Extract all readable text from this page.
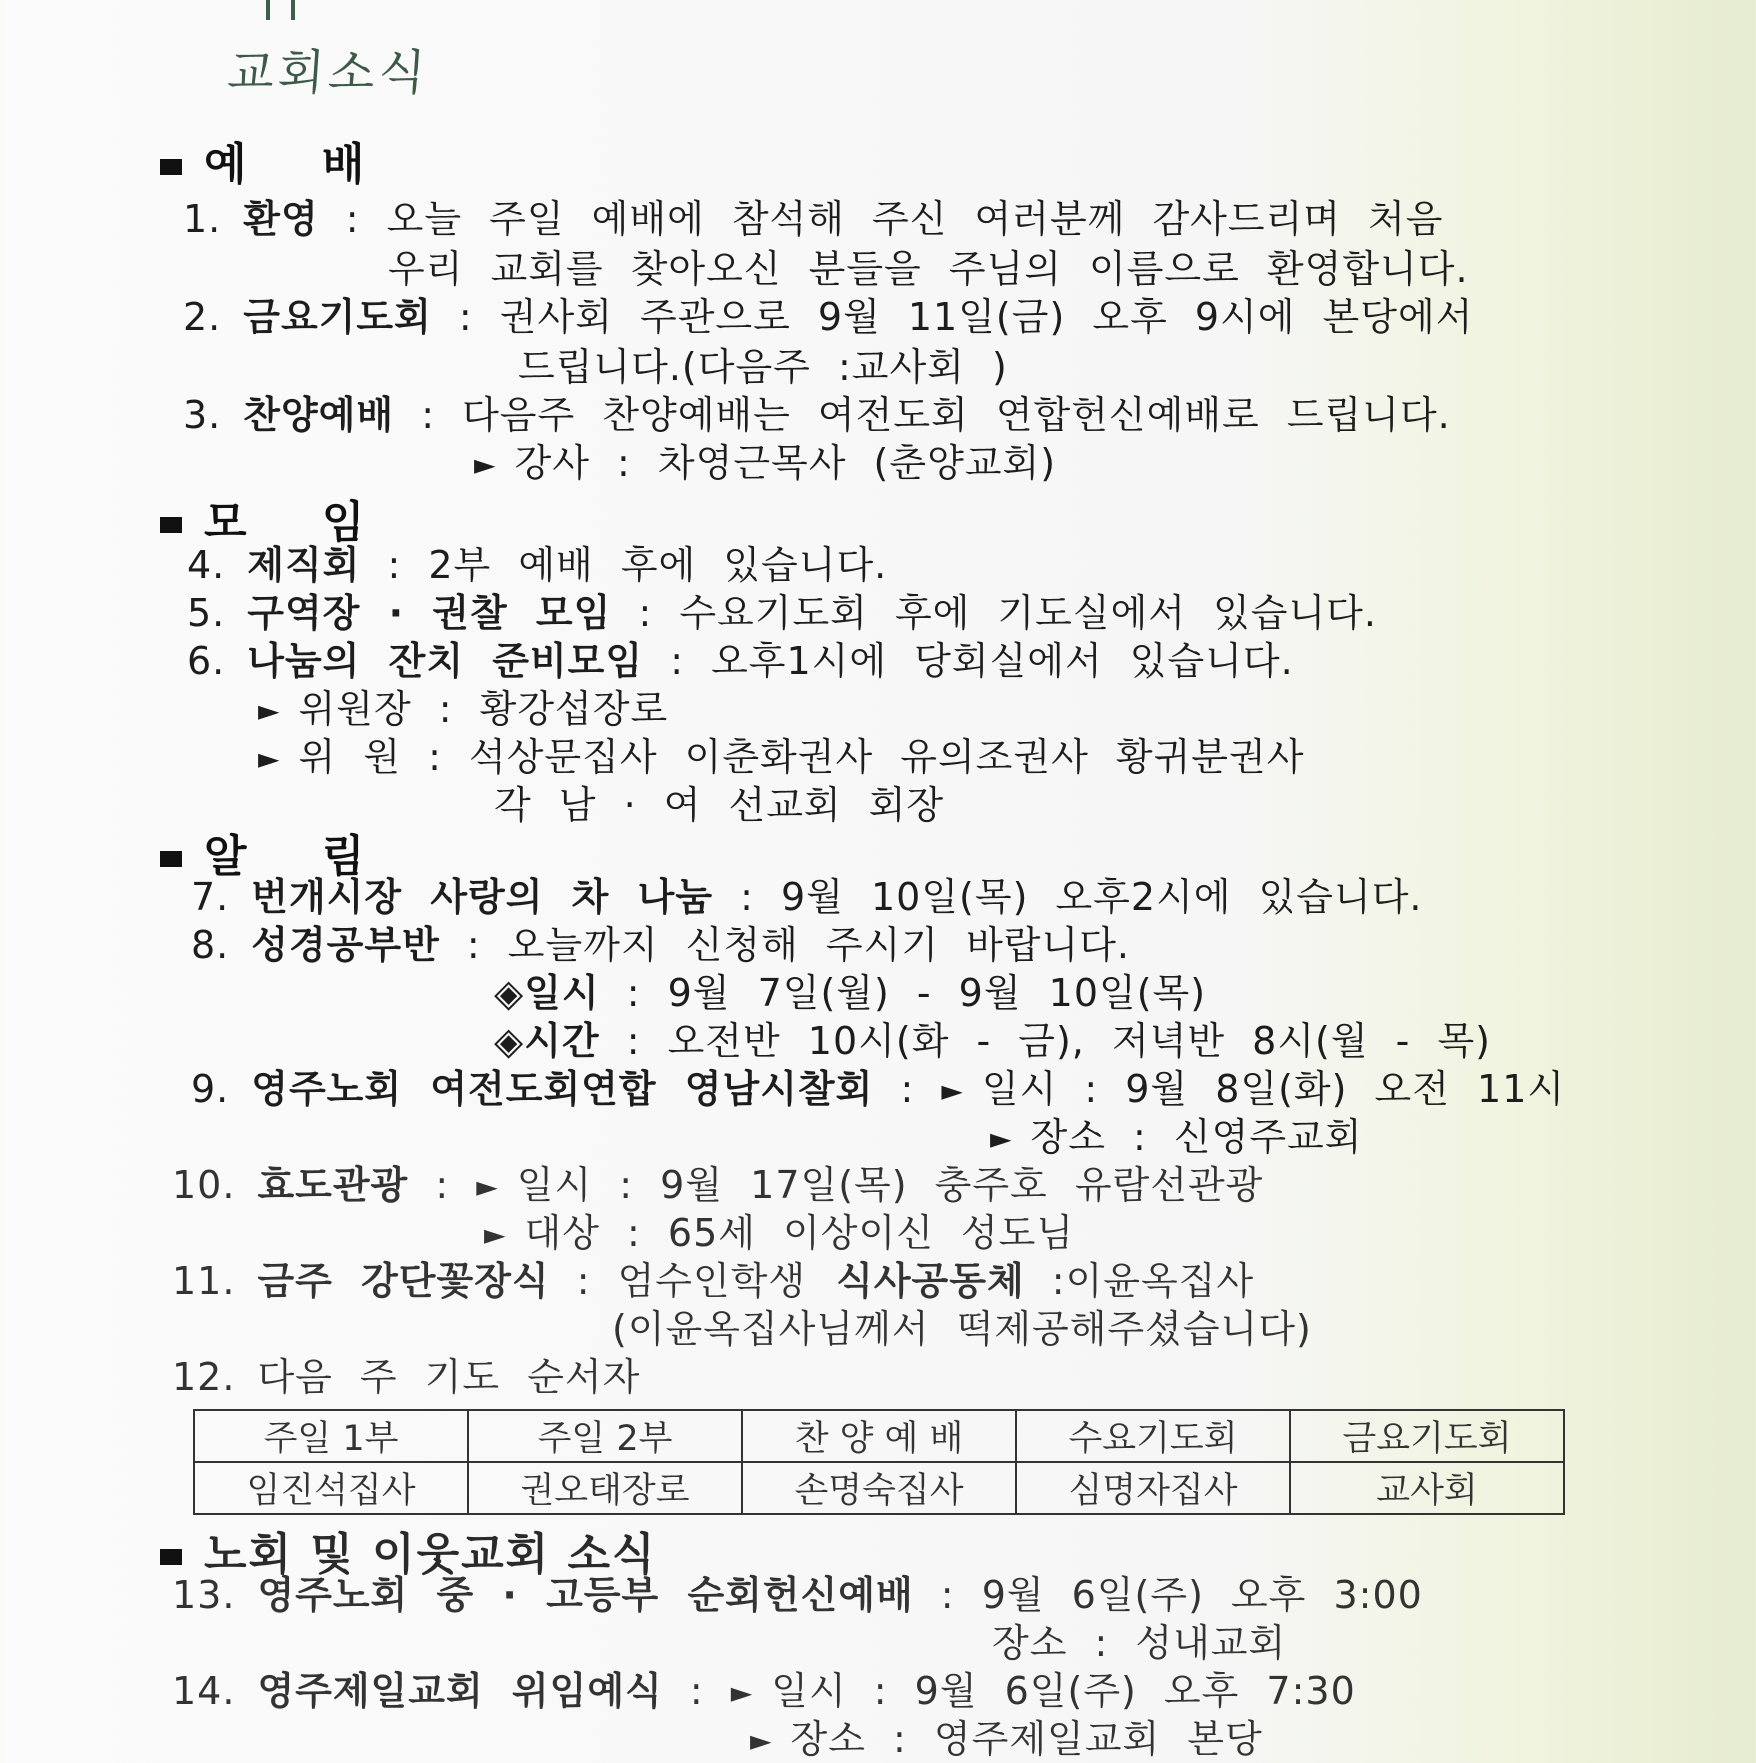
교회소식
예 배
1. 환영 : 오늘 주일 예배에 참석해 주신 여러분께 감사드리며 처음
우리 교회를 찾아오신 분들을 주님의 이름으로 환영합니다.
2. 금요기도회 : 권사회 주관으로 9월 11일(금) 오후 9시에 본당에서
드립니다.(다음주 :교사회 )
3. 찬양예배 : 다음주 찬양예배는 여전도회 연합헌신예배로 드립니다.
► 강사 : 차영근목사 (춘양교회)
모 임
4. 제직회 : 2부 예배 후에 있습니다.
5. 구역장 · 권찰 모임 : 수요기도회 후에 기도실에서 있습니다.
6. 나눔의 잔치 준비모임 : 오후1시에 당회실에서 있습니다.
► 위원장 : 황강섭장로
► 위 원 : 석상문집사 이춘화권사 유의조권사 황귀분권사
각 남 · 여 선교회 회장
알 림
7. 번개시장 사랑의 차 나눔 : 9월 10일(목) 오후2시에 있습니다.
8. 성경공부반 : 오늘까지 신청해 주시기 바랍니다.
◈일시 : 9월 7일(월) - 9월 10일(목)
◈시간 : 오전반 10시(화 - 금), 저녁반 8시(월 - 목)
9. 영주노회 여전도회연합 영남시찰회 : ► 일시 : 9월 8일(화) 오전 11시
► 장소 : 신영주교회
10. 효도관광 : ► 일시 : 9월 17일(목) 충주호 유람선관광
► 대상 : 65세 이상이신 성도님
11. 금주 강단꽃장식 : 엄수인학생 식사공동체 :이윤옥집사
(이윤옥집사님께서 떡제공해주셨습니다)
12. 다음 주 기도 순서자
주일 1부	주일 2부	찬 양 예 배	수요기도회	금요기도회
임진석집사	권오태장로	손명숙집사	심명자집사	교사회
노회 및 이웃교회 소식
13. 영주노회 중 · 고등부 순회헌신예배 : 9월 6일(주) 오후 3:00
장소 : 성내교회
14. 영주제일교회 위임예식 : ► 일시 : 9월 6일(주) 오후 7:30
► 장소 : 영주제일교회 본당
